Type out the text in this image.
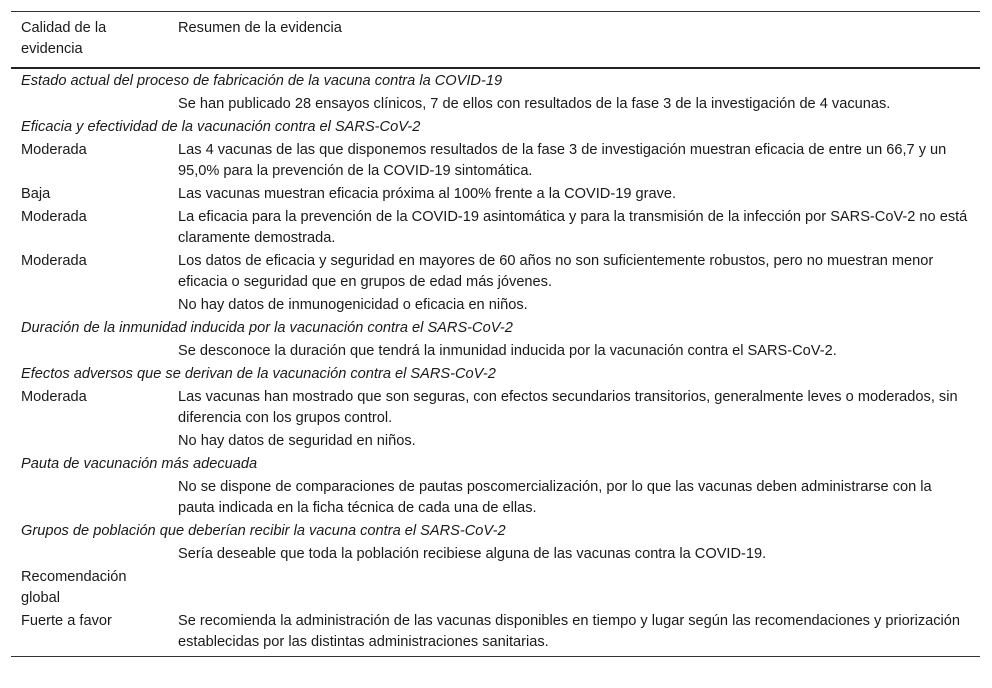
Calidad de la evidencia	Resumen de la evidencia
Estado actual del proceso de fabricación de la vacuna contra la COVID-19	
	Se han publicado 28 ensayos clínicos, 7 de ellos con resultados de la fase 3 de la investigación de 4 vacunas.
Eficacia y efectividad de la vacunación contra el SARS-CoV-2	
Moderada	Las 4 vacunas de las que disponemos resultados de la fase 3 de investigación muestran eficacia de entre un 66,7 y un 95,0% para la prevención de la COVID-19 sintomática.
Baja	Las vacunas muestran eficacia próxima al 100% frente a la COVID-19 grave.
Moderada	La eficacia para la prevención de la COVID-19 asintomática y para la transmisión de la infección por SARS-CoV-2 no está claramente demostrada.
Moderada	Los datos de eficacia y seguridad en mayores de 60 años no son suficientemente robustos, pero no muestran menor eficacia o seguridad que en grupos de edad más jóvenes.
	No hay datos de inmunogenicidad o eficacia en niños.
Duración de la inmunidad inducida por la vacunación contra el SARS-CoV-2	
	Se desconoce la duración que tendrá la inmunidad inducida por la vacunación contra el SARS-CoV-2.
Efectos adversos que se derivan de la vacunación contra el SARS-CoV-2	
Moderada	Las vacunas han mostrado que son seguras, con efectos secundarios transitorios, generalmente leves o moderados, sin diferencia con los grupos control.
	No hay datos de seguridad en niños.
Pauta de vacunación más adecuada	
	No se dispone de comparaciones de pautas poscomercialización, por lo que las vacunas deben administrarse con la pauta indicada en la ficha técnica de cada una de ellas.
Grupos de población que deberían recibir la vacuna contra el SARS-CoV-2	
	Sería deseable que toda la población recibiese alguna de las vacunas contra la COVID-19.
Recomendación global	
Fuerte a favor	Se recomienda la administración de las vacunas disponibles en tiempo y lugar según las recomendaciones y priorización establecidas por las distintas administraciones sanitarias.
